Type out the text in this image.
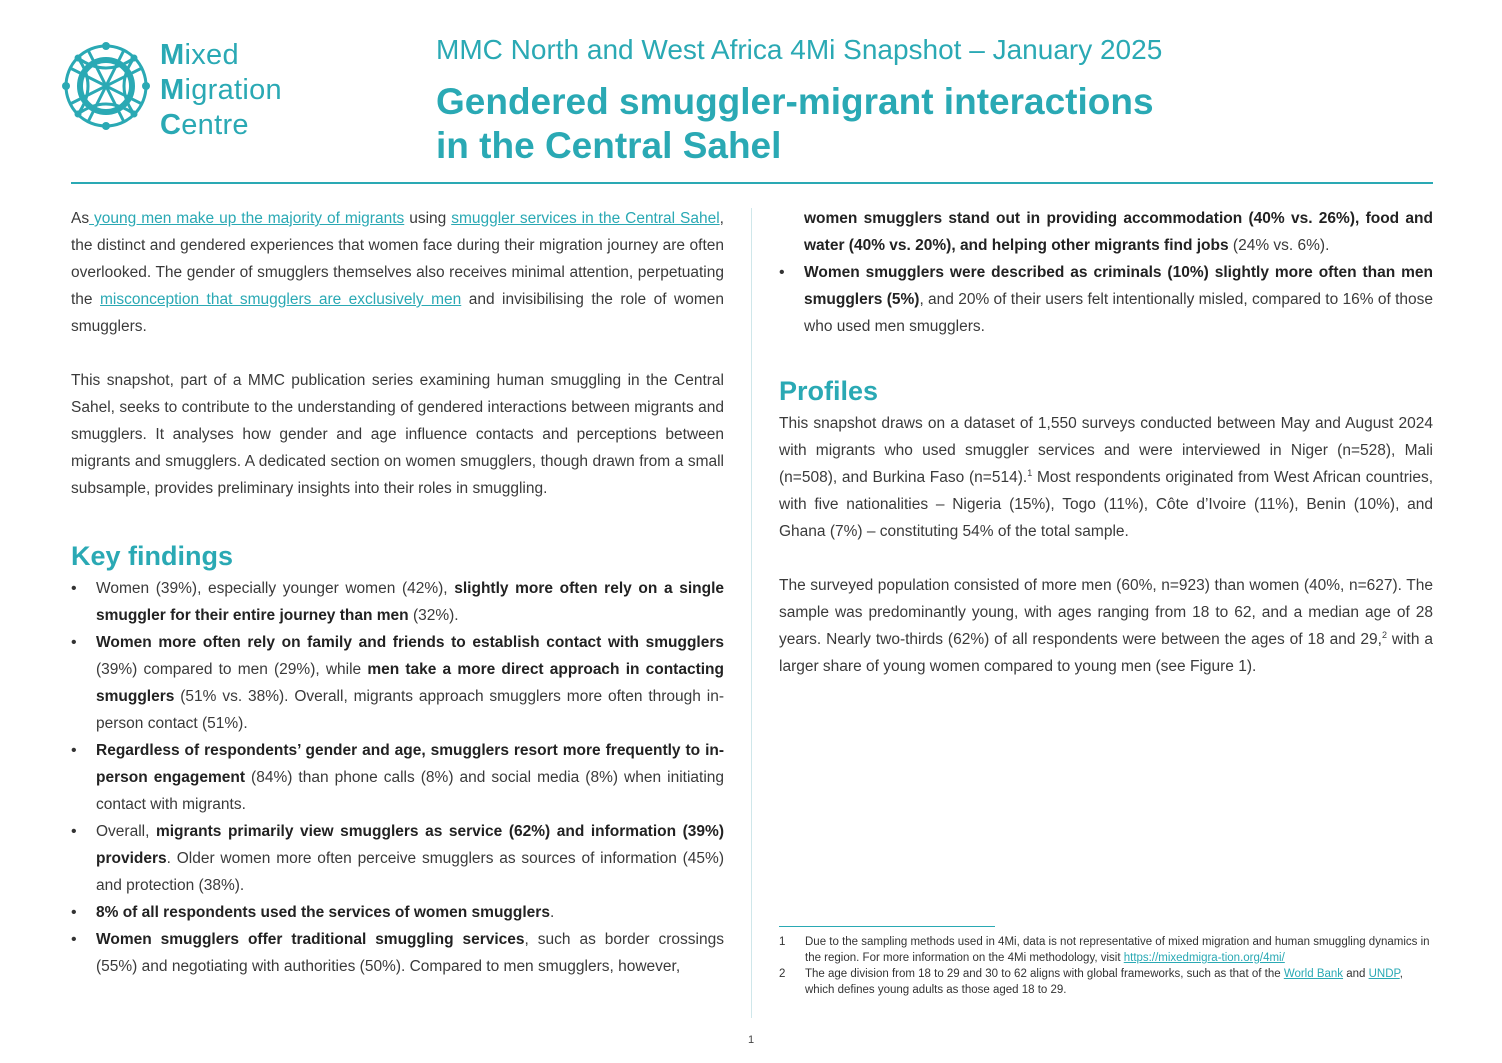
Mixed
Migration
Centre
MMC North and West Africa 4Mi Snapshot – January 2025
Gendered smuggler-migrant interactions
in the Central Sahel

As young men make up the majority of migrants using smuggler services in the Central Sahel, the distinct and gendered experiences that women face during their migration journey are often overlooked. The gender of smugglers themselves also receives minimal attention, perpetuating the misconception that smugglers are exclusively men and invisibilising the role of women smugglers.

This snapshot, part of a MMC publication series examining human smuggling in the Central Sahel, seeks to contribute to the understanding of gendered interactions between migrants and smugglers. It analyses how gender and age influence contacts and perceptions between migrants and smugglers. A dedicated section on women smugglers, though drawn from a small subsample, provides preliminary insights into their roles in smuggling.

Key findings
• Women (39%), especially younger women (42%), slightly more often rely on a single smuggler for their entire journey than men (32%).
• Women more often rely on family and friends to establish contact with smugglers (39%) compared to men (29%), while men take a more direct approach in contacting smugglers (51% vs. 38%). Overall, migrants approach smugglers more often through in-person contact (51%).
• Regardless of respondents’ gender and age, smugglers resort more frequently to in-person engagement (84%) than phone calls (8%) and social media (8%) when initiating contact with migrants.
• Overall, migrants primarily view smugglers as service (62%) and information (39%) providers. Older women more often perceive smugglers as sources of information (45%) and protection (38%).
• 8% of all respondents used the services of women smugglers.
• Women smugglers offer traditional smuggling services, such as border crossings (55%) and negotiating with authorities (50%). Compared to men smugglers, however,
women smugglers stand out in providing accommodation (40% vs. 26%), food and water (40% vs. 20%), and helping other migrants find jobs (24% vs. 6%).
• Women smugglers were described as criminals (10%) slightly more often than men smugglers (5%), and 20% of their users felt intentionally misled, compared to 16% of those who used men smugglers.
Profiles

This snapshot draws on a dataset of 1,550 surveys conducted between May and August 2024 with migrants who used smuggler services and were interviewed in Niger (n=528), Mali (n=508), and Burkina Faso (n=514).$^1$ Most respondents originated from West African countries, with five nationalities – Nigeria (15%), Togo (11%), Côte d’Ivoire (11%), Benin (10%), and Ghana (7%) – constituting 54% of the total sample.

The surveyed population consisted of more men (60%, n=923) than women (40%, n=627). The sample was predominantly young, with ages ranging from 18 to 62, and a median age of 28 years. Nearly two-thirds (62%) of all respondents were between the ages of 18 and 29,$^2$ with a larger share of young women compared to young men (see Figure 1).

1	Due to the sampling methods used in 4Mi, data is not representative of mixed migration and human smuggling dynamics in the region. For more information on the 4Mi methodology, visit https://mixedmigra-tion.org/4mi/
2	The age division from 18 to 29 and 30 to 62 aligns with global frameworks, such as that of the World Bank and UNDP, which defines young adults as those aged 18 to 29.
1
